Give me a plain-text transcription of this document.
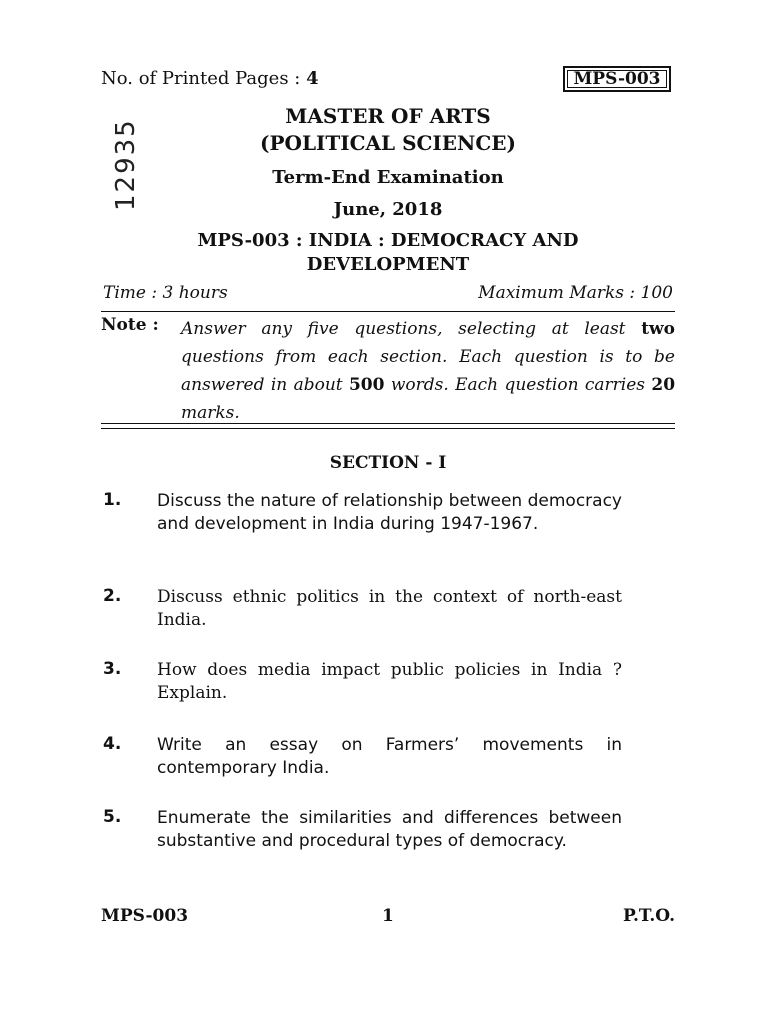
No. of Printed Pages : 4	MPS-003
12935
MASTER OF ARTS
(POLITICAL SCIENCE)
Term-End Examination
June, 2018
MPS-003 : INDIA : DEMOCRACY AND
DEVELOPMENT
Time : 3 hours	Maximum Marks : 100
Note : Answer any five questions, selecting at least two questions from each section. Each question is to be answered in about 500 words. Each question carries 20 marks.
SECTION - I
1. Discuss the nature of relationship between democracy and development in India during 1947-1967.
2. Discuss ethnic politics in the context of north-east India.
3. How does media impact public policies in India ? Explain.
4. Write an essay on Farmers’ movements in contemporary India.
5. Enumerate the similarities and differences between substantive and procedural types of democracy.
MPS-003	1	P.T.O.
